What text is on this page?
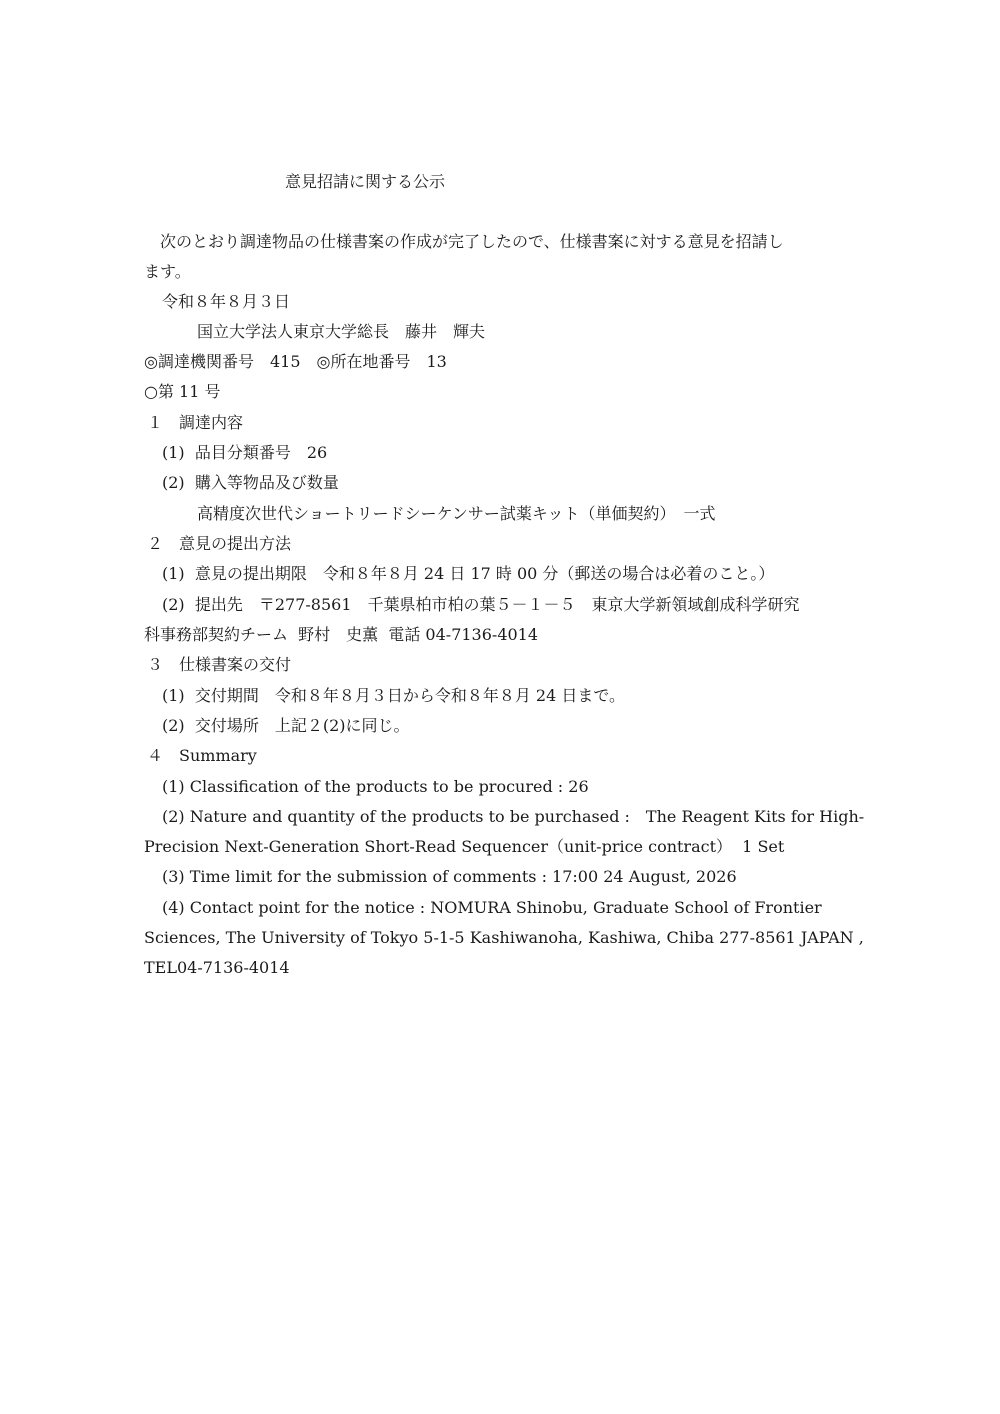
意見招請に関する公示
　次のとおり調達物品の仕様書案の作成が完了したので、仕様書案に対する意見を招請し
ます。
令和８年８月３日
国立大学法人東京大学総長　藤井　輝夫
◎調達機関番号　415　◎所在地番号　13
○第 11 号
１　調達内容
(1)  品目分類番号　26
(2)  購入等物品及び数量
高精度次世代ショートリードシーケンサー試薬キット（単価契約）　一式
２　意見の提出方法
(1)  意見の提出期限　令和８年８月 24 日 17 時 00 分（郵送の場合は必着のこと。）
(2)  提出先　〒277-8561　千葉県柏市柏の葉５－１－５　東京大学新領域創成科学研究
科事務部契約チーム  野村　史薫  電話 04-7136-4014
３　仕様書案の交付
(1)  交付期間　令和８年８月３日から令和８年８月 24 日まで。
(2)  交付場所　上記２(2)に同じ。
４　Summary
(1) Classification of the products to be procured : 26
(2) Nature and quantity of the products to be purchased :　The Reagent Kits for High-
Precision Next-Generation Short-Read Sequencer（unit-price contract）  1 Set
(3) Time limit for the submission of comments : 17:00 24 August, 2026
(4) Contact point for the notice : NOMURA Shinobu, Graduate School of Frontier
Sciences, The University of Tokyo 5-1-5 Kashiwanoha, Kashiwa, Chiba 277-8561 JAPAN ,
TEL04-7136-4014
